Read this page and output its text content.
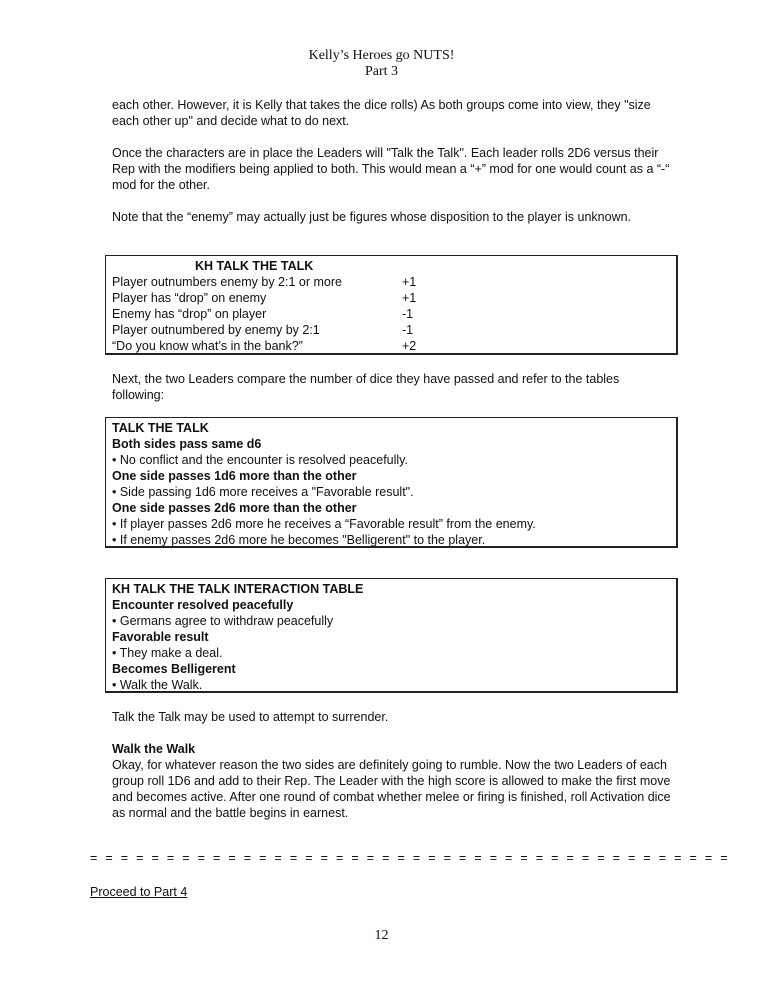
Kelly’s Heroes go NUTS!
Part 3

each other. However, it is Kelly that takes the dice rolls) As both groups come into view, they "size each other up" and decide what to do next.

Once the characters are in place the Leaders will "Talk the Talk". Each leader rolls 2D6 versus their Rep with the modifiers being applied to both. This would mean a “+” mod for one would count as a “-“ mod for the other.

Note that the “enemy” may actually just be figures whose disposition to the player is unknown.

KH TALK THE TALK
Player outnumbers enemy by 2:1 or more	+1
Player has “drop” on enemy	+1
Enemy has “drop” on player	-1
Player outnumbered by enemy by 2:1	-1
“Do you know what’s in the bank?”	+2

Next, the two Leaders compare the number of dice they have passed and refer to the tables following:

TALK THE TALK
Both sides pass same d6
• No conflict and the encounter is resolved peacefully.
One side passes 1d6 more than the other
• Side passing 1d6 more receives a "Favorable result".
One side passes 2d6 more than the other
• If player passes 2d6 more he receives a “Favorable result” from the enemy.
• If enemy passes 2d6 more he becomes "Belligerent" to the player.
KH TALK THE TALK INTERACTION TABLE
Encounter resolved peacefully
• Germans agree to withdraw peacefully
Favorable result
• They make a deal.
Becomes Belligerent
• Walk the Walk.

Talk the Talk may be used to attempt to surrender.

Walk the Walk

Okay, for whatever reason the two sides are definitely going to rumble. Now the two Leaders of each group roll 1D6 and add to their Rep. The Leader with the high score is allowed to make the first move and becomes active. After one round of combat whether melee or firing is finished, roll Activation dice as normal and the battle begins in earnest.

= = = = = = = = = = = = = = = = = = = = = = = = = = = = = = = = = = = = = = = = = =
Proceed to Part 4
12
